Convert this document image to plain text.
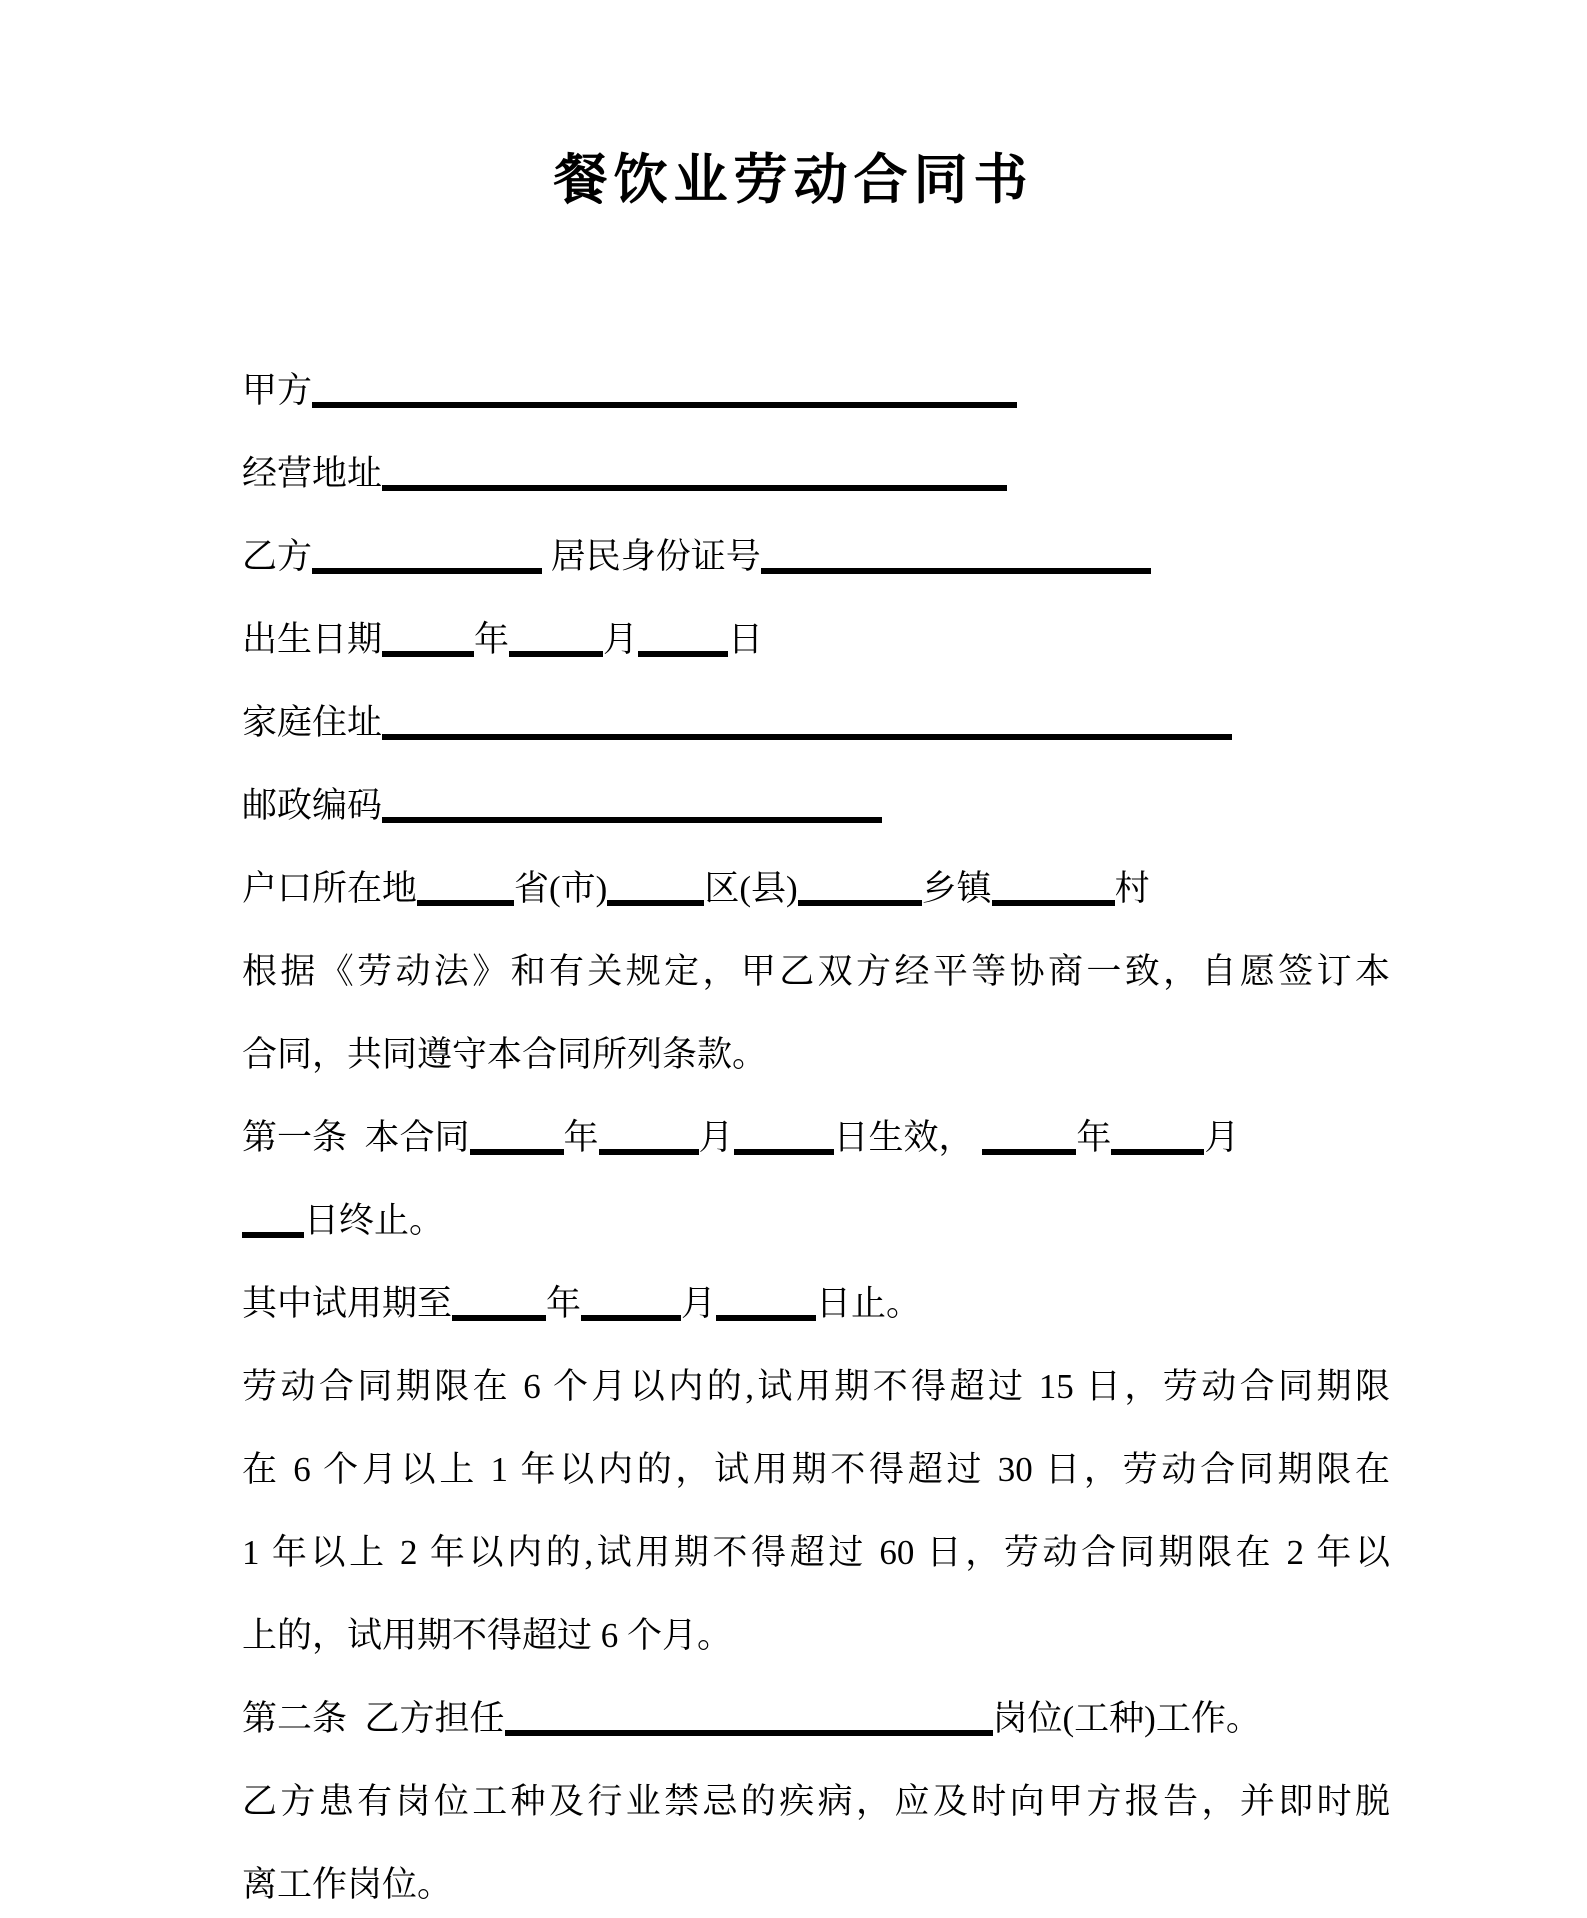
餐饮业劳动合同书
甲方
经营地址
乙方	居民身份证号
出生日期	年	月	日
家庭住址
邮政编码
户口所在地	省(市)	区(县)	乡镇	村
根据《劳动法》和有关规定，甲乙双方经平等协商一致，自愿签订本
合同，共同遵守本合同所列条款。
第一条  本合同	年	月	日生效，	年	月
日终止。
其中试用期至	年	月	日止。
劳动合同期限在 6 个月以内的,试用期不得超过 15 日，劳动合同期限
在 6 个月以上 1 年以内的，试用期不得超过 30 日，劳动合同期限在
1 年以上 2 年以内的,试用期不得超过 60 日，劳动合同期限在 2 年以
上的，试用期不得超过 6 个月。
第二条  乙方担任	岗位(工种)工作。
乙方患有岗位工种及行业禁忌的疾病，应及时向甲方报告，并即时脱
离工作岗位。
